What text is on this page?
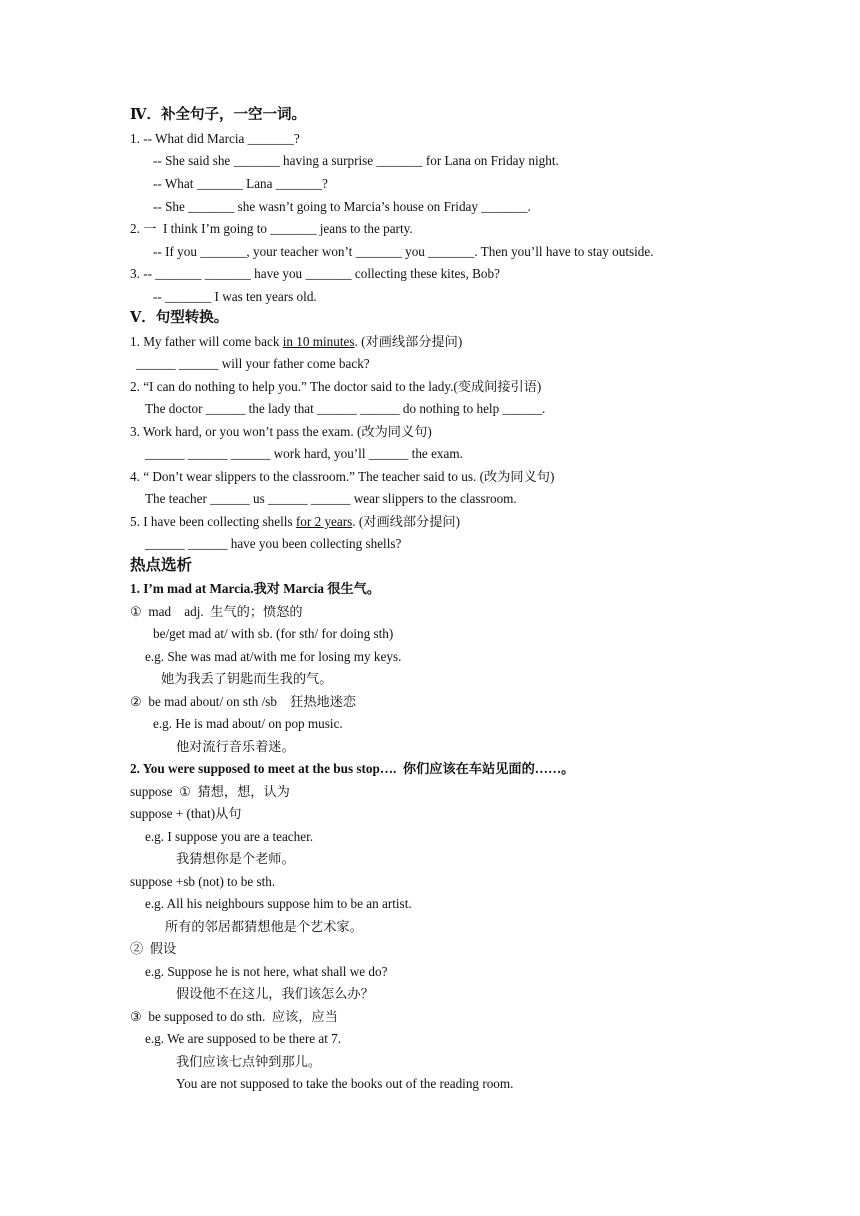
Ⅳ．补全句子，一空一词。
1. -- What did Marcia _______?
-- She said she _______ having a surprise _______ for Lana on Friday night.
-- What _______ Lana _______?
-- She _______ she wasn’t going to Marcia’s house on Friday _______.
2. 一  I think I’m going to _______ jeans to the party.
-- If you _______, your teacher won’t _______ you _______. Then you’ll have to stay outside.
3. -- _______ _______ have you _______ collecting these kites, Bob?
-- _______ I was ten years old.
Ⅴ．句型转换。
1. My father will come back in 10 minutes. (对画线部分提问)
______ ______ will your father come back?
2. “I can do nothing to help you.” The doctor said to the lady.(变成间接引语)
The doctor ______ the lady that ______ ______ do nothing to help ______.
3. Work hard, or you won’t pass the exam. (改为同义句)
______ ______ ______ work hard, you’ll ______ the exam.
4. “ Don’t wear slippers to the classroom.” The teacher said to us. (改为同义句)
The teacher ______ us ______ ______ wear slippers to the classroom.
5. I have been collecting shells for 2 years. (对画线部分提问)
______ ______ have you been collecting shells?
热点选析
1. I’m mad at Marcia.我对 Marcia 很生气。
①  mad    adj.  生气的；愤怒的
be/get mad at/ with sb. (for sth/ for doing sth)
e.g. She was mad at/with me for losing my keys.
她为我丢了钥匙而生我的气。
②  be mad about/ on sth /sb    狂热地迷恋
e.g. He is mad about/ on pop music.
他对流行音乐着迷。
2. You were supposed to meet at the bus stop….  你们应该在车站见面的……。
suppose  ①  猜想，想，认为
suppose + (that)从句
e.g. I suppose you are a teacher.
我猜想你是个老师。
suppose +sb (not) to be sth.
e.g. All his neighbours suppose him to be an artist.
所有的邻居都猜想他是个艺术家。
②  假设
e.g. Suppose he is not here, what shall we do?
假设他不在这儿，我们该怎么办？
③  be supposed to do sth.  应该，应当
e.g. We are supposed to be there at 7.
我们应该七点钟到那儿。
You are not supposed to take the books out of the reading room.
